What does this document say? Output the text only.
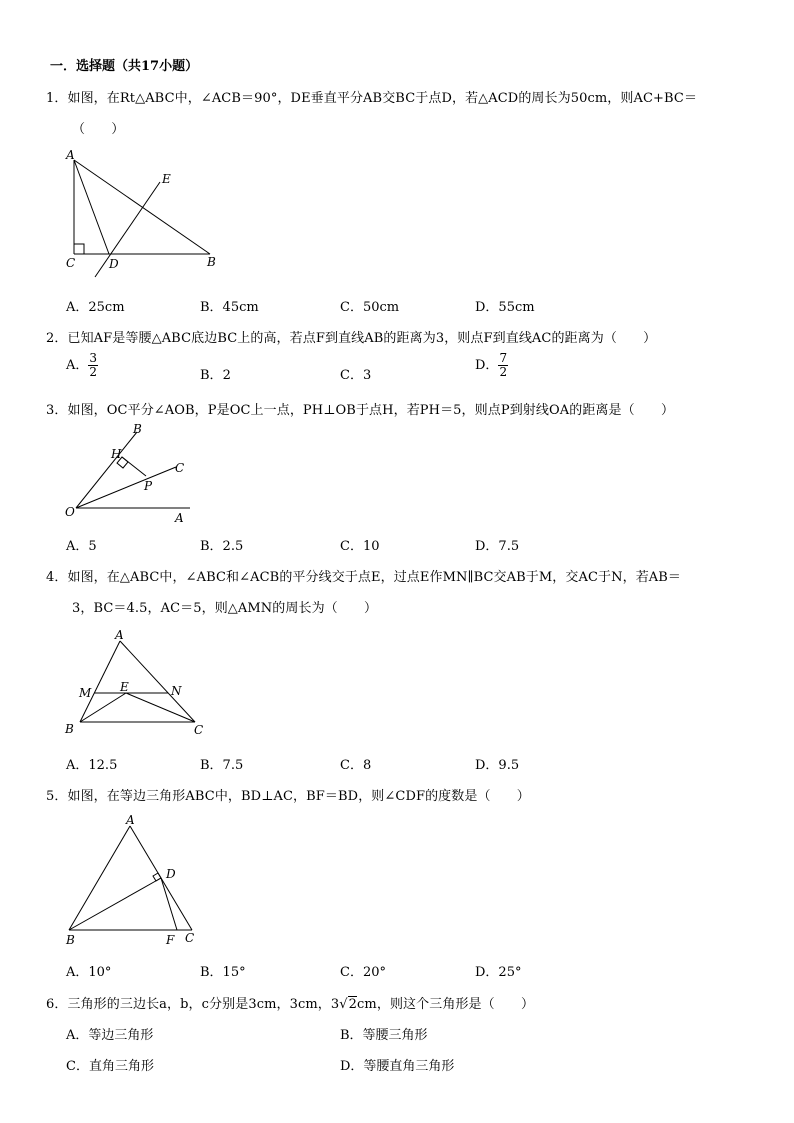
一．选择题（共17小题）
1．如图，在Rt△ABC中，∠ACB＝90°，DE垂直平分AB交BC于点D，若△ACD的周长为50cm，则AC+BC＝
（　　）
A
E
C	D	B
A．25cm	B．45cm	C．50cm	D．55cm
2．已知AF是等腰△ABC底边BC上的高，若点F到直线AB的距离为3，则点F到直线AC的距离为（　　）
A． $\frac{3}{2}$	B．2	C．3
D． $\frac{7}{2}$
3．如图，OC平分∠AOB，P是OC上一点，PH⊥OB于点H，若PH＝5，则点P到射线OA的距离是（　　）
B
H
C
P
O	A
A．5	B．2.5	C．10	D．7.5
4．如图，在△ABC中，∠ABC和∠ACB的平分线交于点E，过点E作MN∥BC交AB于M，交AC于N，若AB＝
3，BC＝4.5，AC＝5，则△AMN的周长为（　　）
A
M E	N
B	C
A．12.5	B．7.5	C．8	D．9.5
5．如图，在等边三角形ABC中，BD⊥AC，BF＝BD，则∠CDF的度数是（　　）
A
D
B	F C
A．10°	B．15°	C．20°	D．25°
6．三角形的三边长a，b，c分别是3cm，3cm，3√2cm，则这个三角形是（　　）
A．等边三角形	B．等腰三角形
C．直角三角形	D．等腰直角三角形
